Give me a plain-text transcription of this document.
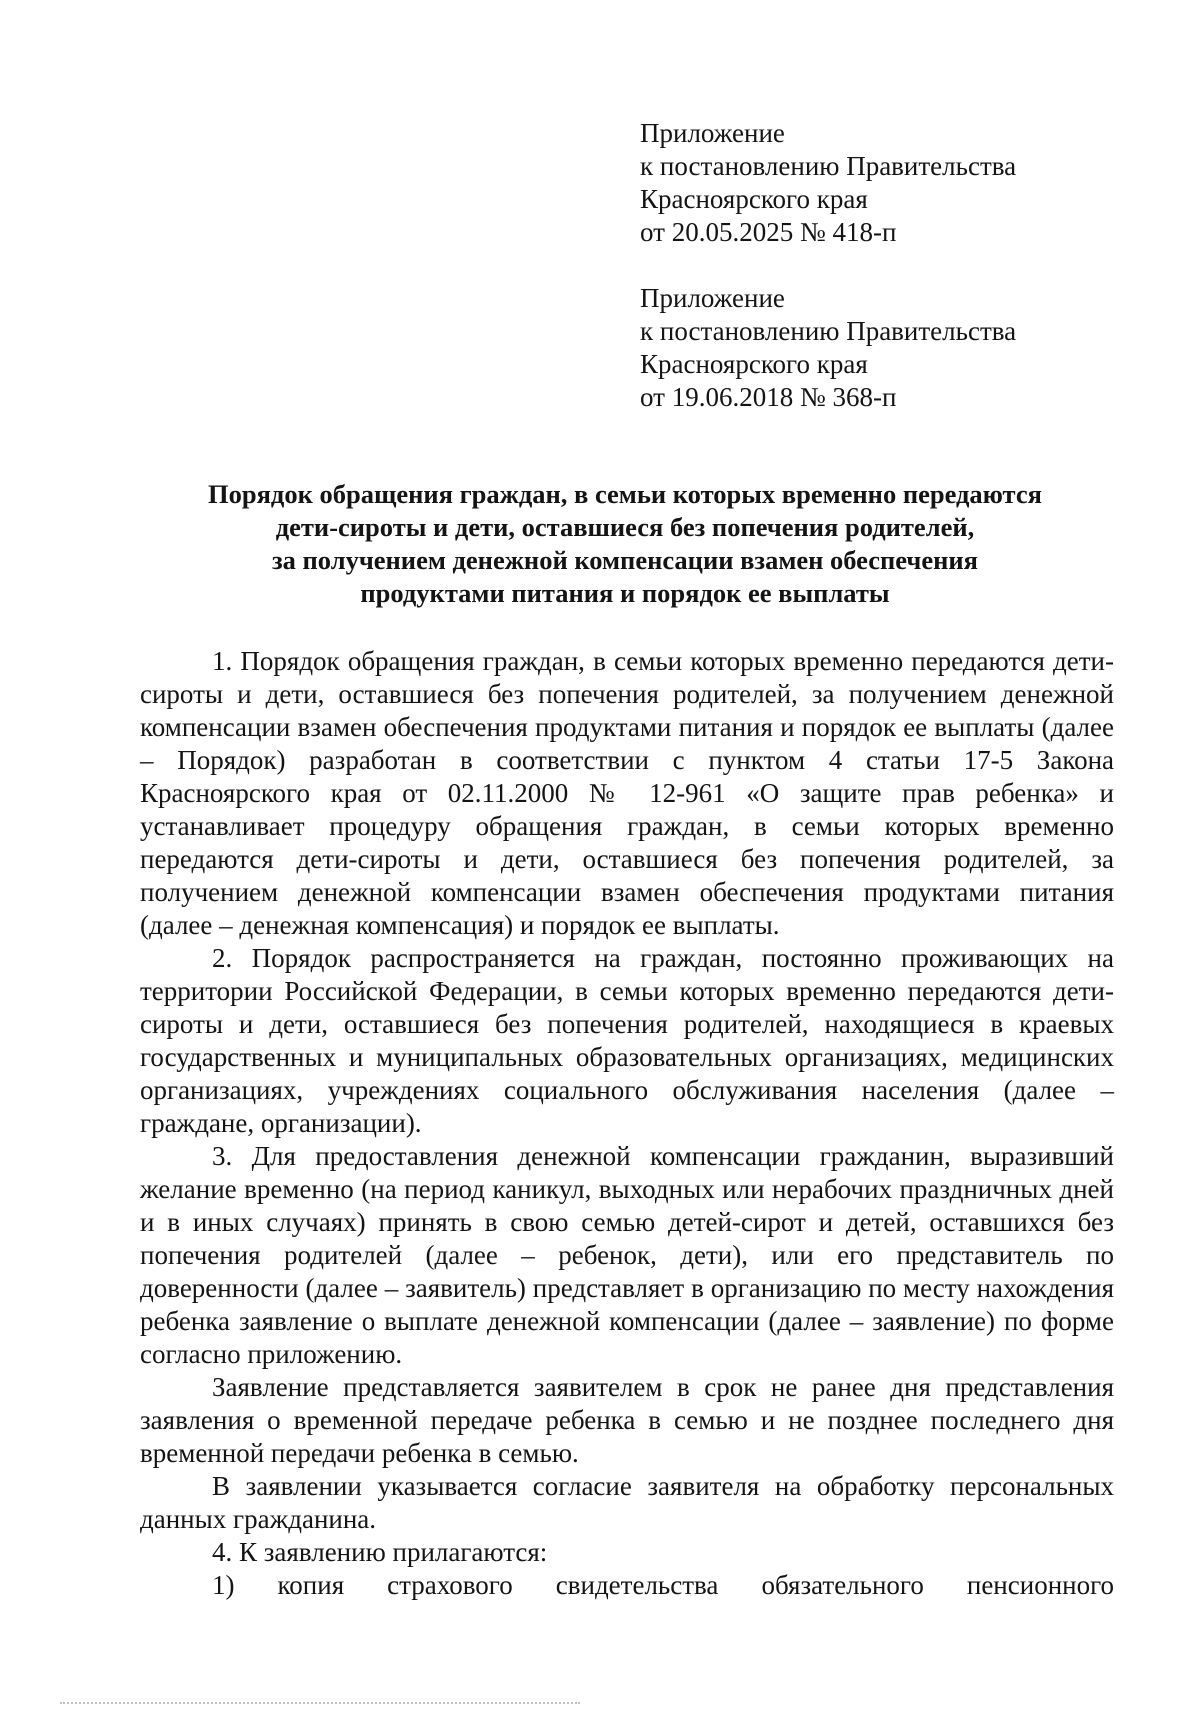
Приложение
к постановлению Правительства
Красноярского края
от 20.05.2025 № 418-п
Приложение
к постановлению Правительства
Красноярского края
от 19.06.2018 № 368-п
Порядок обращения граждан, в семьи которых временно передаются
дети-сироты и дети, оставшиеся без попечения родителей,
за получением денежной компенсации взамен обеспечения
продуктами питания и порядок ее выплаты

1. Порядок обращения граждан, в семьи которых временно передаются дети-сироты и дети, оставшиеся без попечения родителей, за получением денежной компенсации взамен обеспечения продуктами питания и порядок ее выплаты (далее – Порядок) разработан в соответствии с пунктом 4 статьи 17-5 Закона Красноярского края от 02.11.2000 № 12-961 «О защите прав ребенка» и устанавливает процедуру обращения граждан, в семьи которых временно передаются дети-сироты и дети, оставшиеся без попечения родителей, за получением денежной компенсации взамен обеспечения продуктами питания (далее – денежная компенсация) и порядок ее выплаты.

2. Порядок распространяется на граждан, постоянно проживающих на территории Российской Федерации, в семьи которых временно передаются дети-сироты и дети, оставшиеся без попечения родителей, находящиеся в краевых государственных и муниципальных образовательных организациях, медицинских организациях, учреждениях социального обслуживания населения (далее – граждане, организации).

3. Для предоставления денежной компенсации гражданин, выразивший желание временно (на период каникул, выходных или нерабочих праздничных дней и в иных случаях) принять в свою семью детей-сирот и детей, оставшихся без попечения родителей (далее – ребенок, дети), или его представитель по доверенности (далее – заявитель) представляет в организацию по месту нахождения ребенка заявление о выплате денежной компенсации (далее – заявление) по форме согласно приложению.

Заявление представляется заявителем в срок не ранее дня представления заявления о временной передаче ребенка в семью и не позднее последнего дня временной передачи ребенка в семью.

В заявлении указывается согласие заявителя на обработку персональных данных гражданина.

4. К заявлению прилагаются:

1) копия страхового свидетельства обязательного пенсионного
